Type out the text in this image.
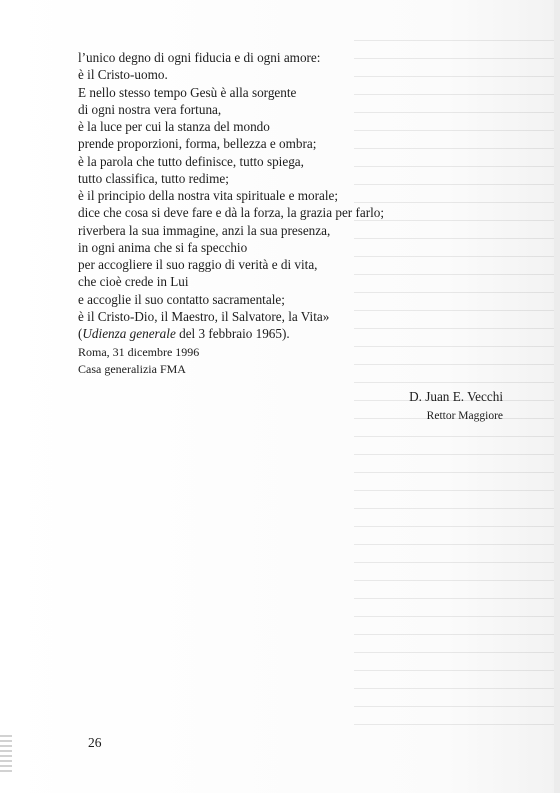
l’unico degno di ogni fiducia e di ogni amore:
è il Cristo-uomo.
E nello stesso tempo Gesù è alla sorgente
di ogni nostra vera fortuna,
è la luce per cui la stanza del mondo
prende proporzioni, forma, bellezza e ombra;
è la parola che tutto definisce, tutto spiega,
tutto classifica, tutto redime;
è il principio della nostra vita spirituale e morale;
dice che cosa si deve fare e dà la forza, la grazia per farlo;
riverbera la sua immagine, anzi la sua presenza,
in ogni anima che si fa specchio
per accogliere il suo raggio di verità e di vita,
che cioè crede in Lui
e accoglie il suo contatto sacramentale;
è il Cristo-Dio, il Maestro, il Salvatore, la Vita»
(Udienza generale del 3 febbraio 1965).
Roma, 31 dicembre 1996
Casa generalizia FMA
D. Juan E. Vecchi
Rettor Maggiore
26
